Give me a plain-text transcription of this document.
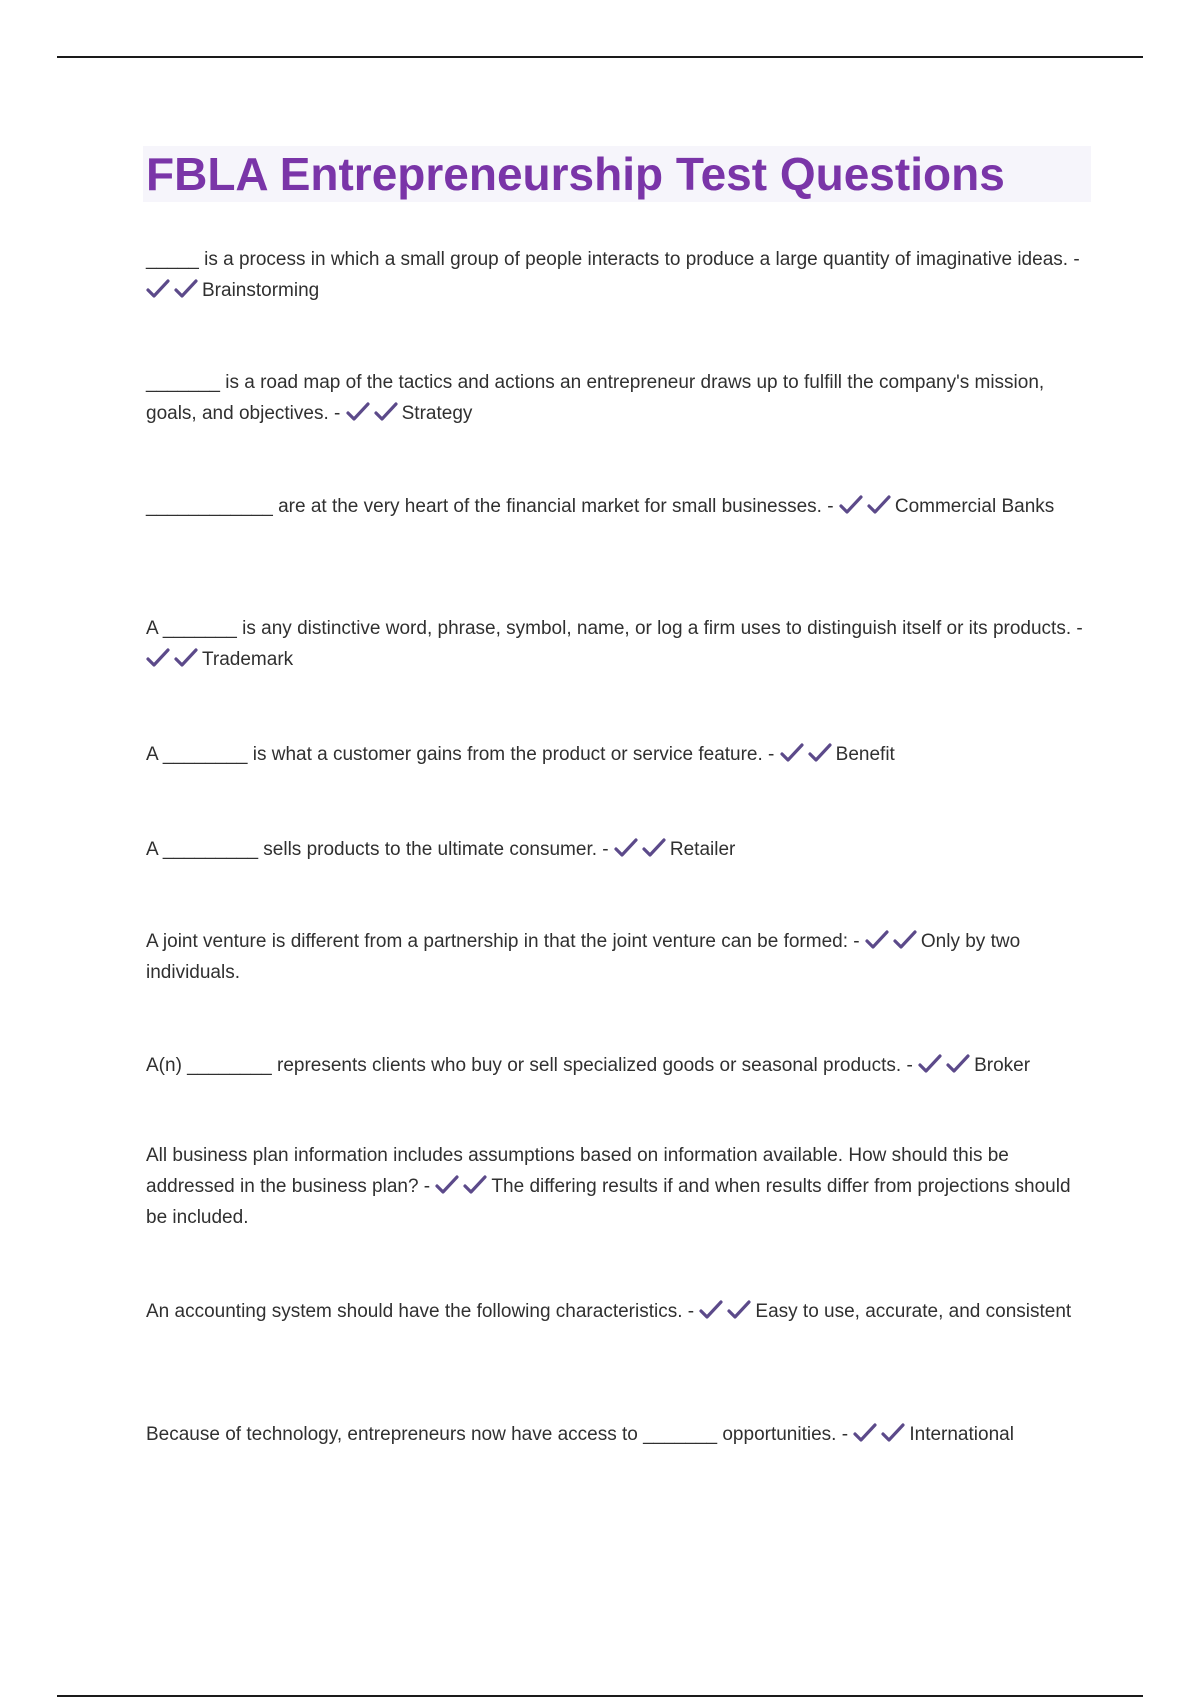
FBLA Entrepreneurship Test Questions

_____ is a process in which a small group of people interacts to produce a large quantity of imaginative ideas. -
Brainstorming

_______ is a road map of the tactics and actions an entrepreneur draws up to fulfill the company's mission, goals, and objectives. -	Strategy

____________ are at the very heart of the financial market for small businesses. -	Commercial Banks

A _______ is any distinctive word, phrase, symbol, name, or log a firm uses to distinguish itself or its products. -
Trademark

A ________ is what a customer gains from the product or service feature. -	Benefit

A _________ sells products to the ultimate consumer. -	Retailer

A joint venture is different from a partnership in that the joint venture can be formed: -	Only by two individuals.

A(n) ________ represents clients who buy or sell specialized goods or seasonal products. -	Broker

All business plan information includes assumptions based on information available. How should this be addressed in the business plan? -	The differing results if and when results differ from projections should be included.

An accounting system should have the following characteristics. -	Easy to use, accurate, and consistent

Because of technology, entrepreneurs now have access to _______ opportunities. -	International
